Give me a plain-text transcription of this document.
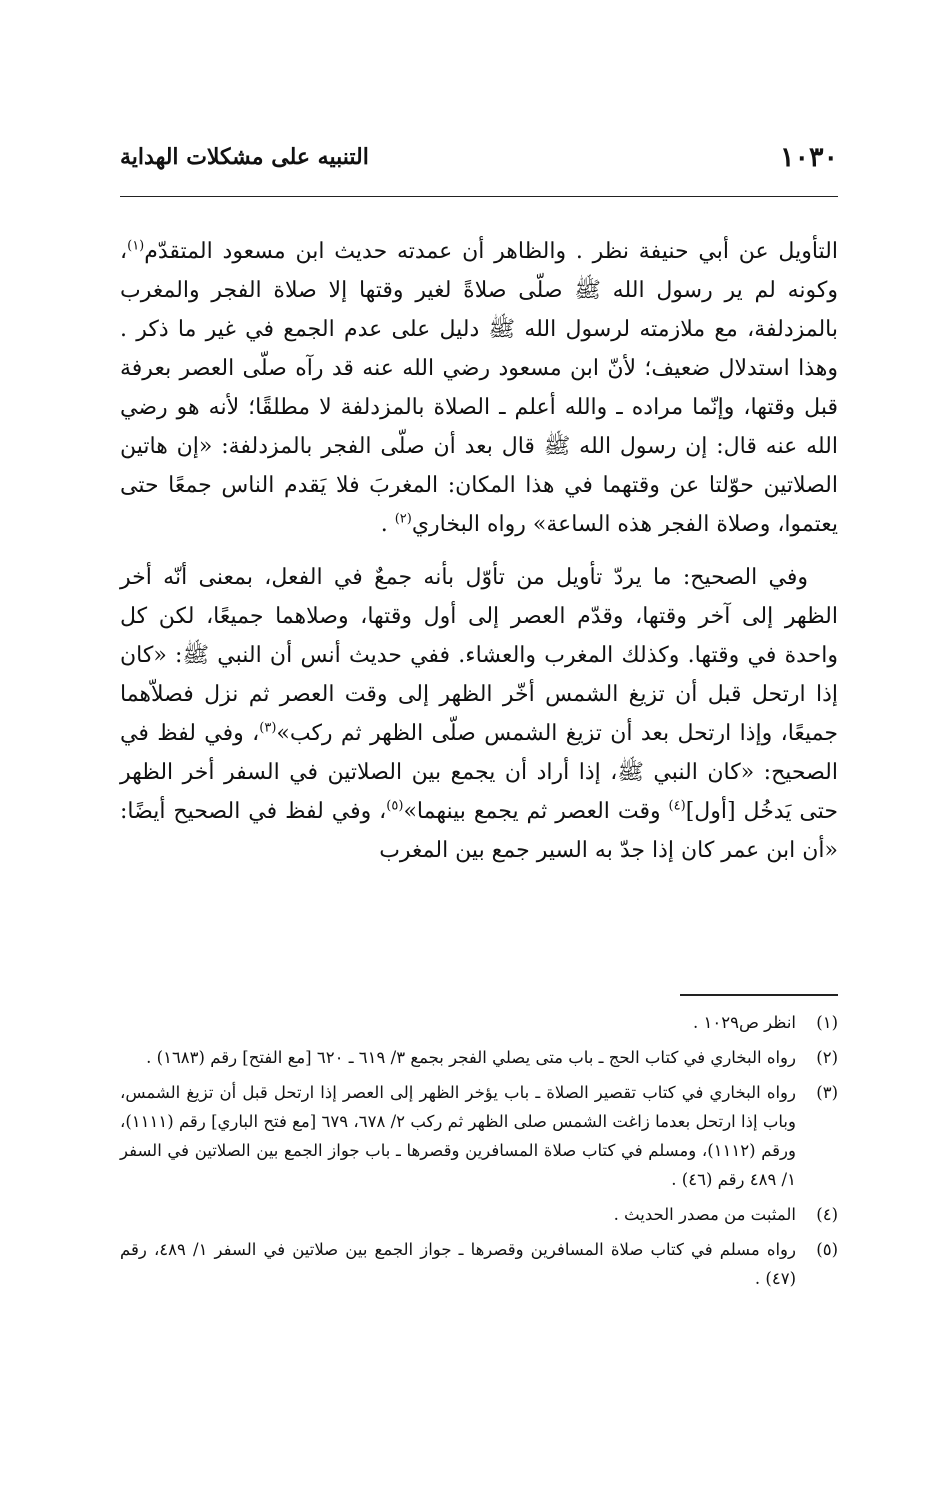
١٠٣٠
التنبيه على مشكلات الهداية

التأويل عن أبي حنيفة نظر . والظاهر أن عمدته حديث ابن مسعود المتقدّم$^{(١)}$، وكونه لم ير رسول الله ﷺ صلّى صلاةً لغير وقتها إلا صلاة الفجر والمغرب بالمزدلفة، مع ملازمته لرسول الله ﷺ دليل على عدم الجمع في غير ما ذكر . وهذا استدلال ضعيف؛ لأنّ ابن مسعود رضي الله عنه قد رآه صلّى العصر بعرفة قبل وقتها، وإنّما مراده ـ والله أعلم ـ الصلاة بالمزدلفة لا مطلقًا؛ لأنه هو رضي الله عنه قال: إن رسول الله ﷺ قال بعد أن صلّى الفجر بالمزدلفة: «إن هاتين الصلاتين حوّلتا عن وقتهما في هذا المكان: المغربَ فلا يَقدم الناس جمعًا حتى يعتموا، وصلاة الفجر هذه الساعة» رواه البخاري$^{(٢)}$ .

وفي الصحيح: ما يردّ تأويل من تأوّل بأنه جمعٌ في الفعل، بمعنى أنّه أخر الظهر إلى آخر وقتها، وقدّم العصر إلى أول وقتها، وصلاهما جميعًا، لكن كل واحدة في وقتها. وكذلك المغرب والعشاء. ففي حديث أنس أن النبي ﷺ: «كان إذا ارتحل قبل أن تزيغ الشمس أخّر الظهر إلى وقت العصر ثم نزل فصلاّهما جميعًا، وإذا ارتحل بعد أن تزيغ الشمس صلّى الظهر ثم ركب»$^{(٣)}$، وفي لفظ في الصحيح: «كان النبي ﷺ، إذا أراد أن يجمع بين الصلاتين في السفر أخر الظهر حتى يَدخُل [أول]$^{(٤)}$ وقت العصر ثم يجمع بينهما»$^{(٥)}$، وفي لفظ في الصحيح أيضًا: «أن ابن عمر كان إذا جدّ به السير جمع بين المغرب

(١)
انظر ص١٠٢٩ .
(٢)
رواه البخاري في كتاب الحج ـ باب متى يصلي الفجر بجمع ٣/ ٦١٩ ـ ٦٢٠ [مع الفتح] رقم (١٦٨٣) .
(٣)
رواه البخاري في كتاب تقصير الصلاة ـ باب يؤخر الظهر إلى العصر إذا ارتحل قبل أن تزيغ الشمس، وباب إذا ارتحل بعدما زاغت الشمس صلى الظهر ثم ركب ٢/ ٦٧٨، ٦٧٩ [مع فتح الباري] رقم (١١١١)، ورقم (١١١٢)، ومسلم في كتاب صلاة المسافرين وقصرها ـ باب جواز الجمع بين الصلاتين في السفر ١/ ٤٨٩ رقم (٤٦) .
(٤)
المثبت من مصدر الحديث .
(٥)
رواه مسلم في كتاب صلاة المسافرين وقصرها ـ جواز الجمع بين صلاتين في السفر ١/ ٤٨٩، رقم (٤٧) .
